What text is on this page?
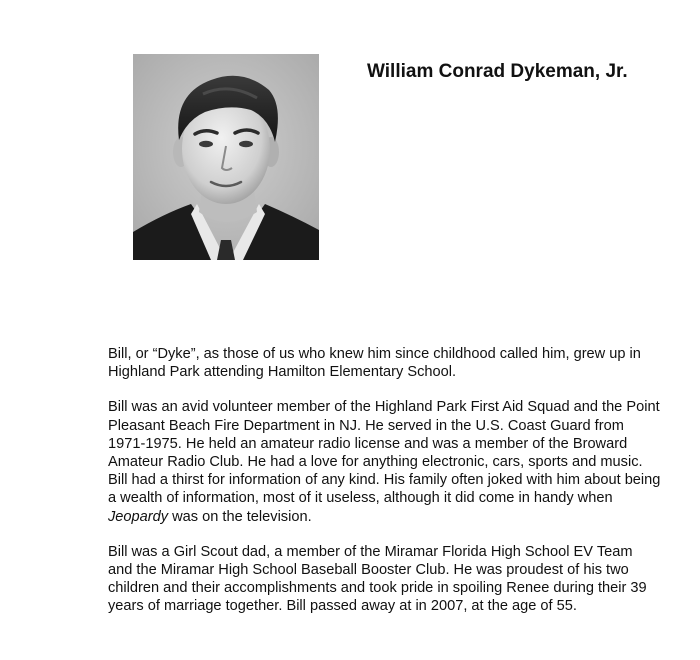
William Conrad Dykeman, Jr.

Bill, or “Dyke”, as those of us who knew him since childhood called him, grew up in
Highland Park attending Hamilton Elementary School.

Bill was an avid volunteer member of the Highland Park First Aid Squad and the Point
Pleasant Beach Fire Department in NJ. He served in the U.S. Coast Guard from
1971-1975. He held an amateur radio license and was a member of the Broward
Amateur Radio Club. He had a love for anything electronic, cars, sports and music.
Bill had a thirst for information of any kind. His family often joked with him about being
a wealth of information, most of it useless, although it did come in handy when
Jeopardy was on the television.

Bill was a Girl Scout dad, a member of the Miramar Florida High School EV Team
and the Miramar High School Baseball Booster Club. He was proudest of his two
children and their accomplishments and took pride in spoiling Renee during their 39
years of marriage together. Bill passed away at in 2007, at the age of 55.
